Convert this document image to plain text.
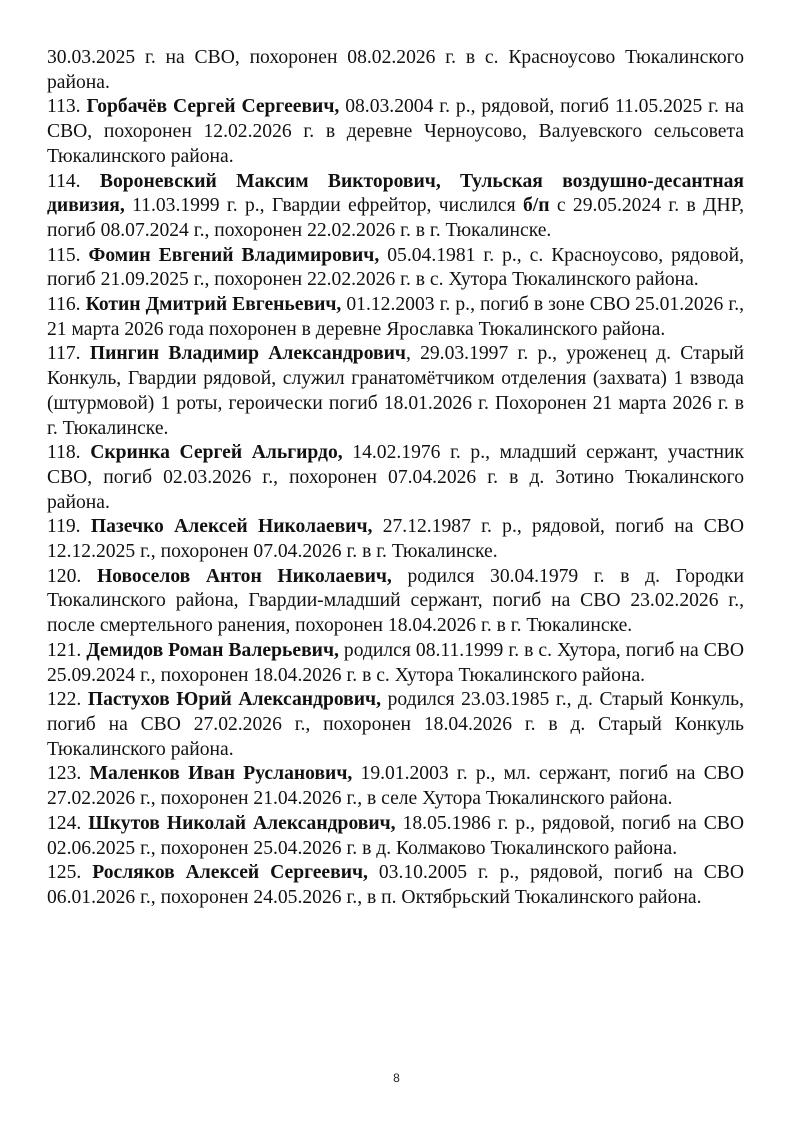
30.03.2025 г. на СВО, похоронен 08.02.2026 г. в с. Красноусово Тюкалинского района.

113. Горбачёв Сергей Сергеевич, 08.03.2004 г. р., рядовой, погиб 11.05.2025 г. на СВО, похоронен 12.02.2026 г. в деревне Черноусово, Валуевского сельсовета Тюкалинского района.

114. Вороневский Максим Викторович, Тульская воздушно-десантная дивизия, 11.03.1999 г. р., Гвардии ефрейтор, числился б/п с 29.05.2024 г. в ДНР, погиб 08.07.2024 г., похоронен 22.02.2026 г. в г. Тюкалинске.

115. Фомин Евгений Владимирович, 05.04.1981 г. р., с. Красноусово, рядовой, погиб 21.09.2025 г., похоронен 22.02.2026 г. в с. Хутора Тюкалинского района.

116. Котин Дмитрий Евгеньевич, 01.12.2003 г. р., погиб в зоне СВО 25.01.2026 г., 21 марта 2026 года похоронен в деревне Ярославка Тюкалинского района.

117. Пингин Владимир Александрович, 29.03.1997 г. р., уроженец д. Старый Конкуль, Гвардии рядовой, служил гранатомётчиком отделения (захвата) 1 взвода (штурмовой) 1 роты, героически погиб 18.01.2026 г. Похоронен 21 марта 2026 г. в г. Тюкалинске.

118. Скринка Сергей Альгирдо, 14.02.1976 г. р., младший сержант, участник СВО, погиб 02.03.2026 г., похоронен 07.04.2026 г. в д. Зотино Тюкалинского района.

119. Пазечко Алексей Николаевич, 27.12.1987 г. р., рядовой, погиб на СВО 12.12.2025 г., похоронен 07.04.2026 г. в г. Тюкалинске.

120. Новоселов Антон Николаевич, родился 30.04.1979 г. в д. Городки Тюкалинского района, Гвардии-младший сержант, погиб на СВО 23.02.2026 г., после смертельного ранения, похоронен 18.04.2026 г. в г. Тюкалинске.

121. Демидов Роман Валерьевич, родился 08.11.1999 г. в с. Хутора, погиб на СВО 25.09.2024 г., похоронен 18.04.2026 г. в с. Хутора Тюкалинского района.

122. Пастухов Юрий Александрович, родился 23.03.1985 г., д. Старый Конкуль, погиб на СВО 27.02.2026 г., похоронен 18.04.2026 г. в д. Старый Конкуль Тюкалинского района.

123. Маленков Иван Русланович, 19.01.2003 г. р., мл. сержант, погиб на СВО 27.02.2026 г., похоронен 21.04.2026 г., в селе Хутора Тюкалинского района.

124. Шкутов Николай Александрович, 18.05.1986 г. р., рядовой, погиб на СВО 02.06.2025 г., похоронен 25.04.2026 г. в д. Колмаково Тюкалинского района.

125. Росляков Алексей Сергеевич, 03.10.2005 г. р., рядовой, погиб на СВО 06.01.2026 г., похоронен 24.05.2026 г., в п. Октябрьский Тюкалинского района.

8
